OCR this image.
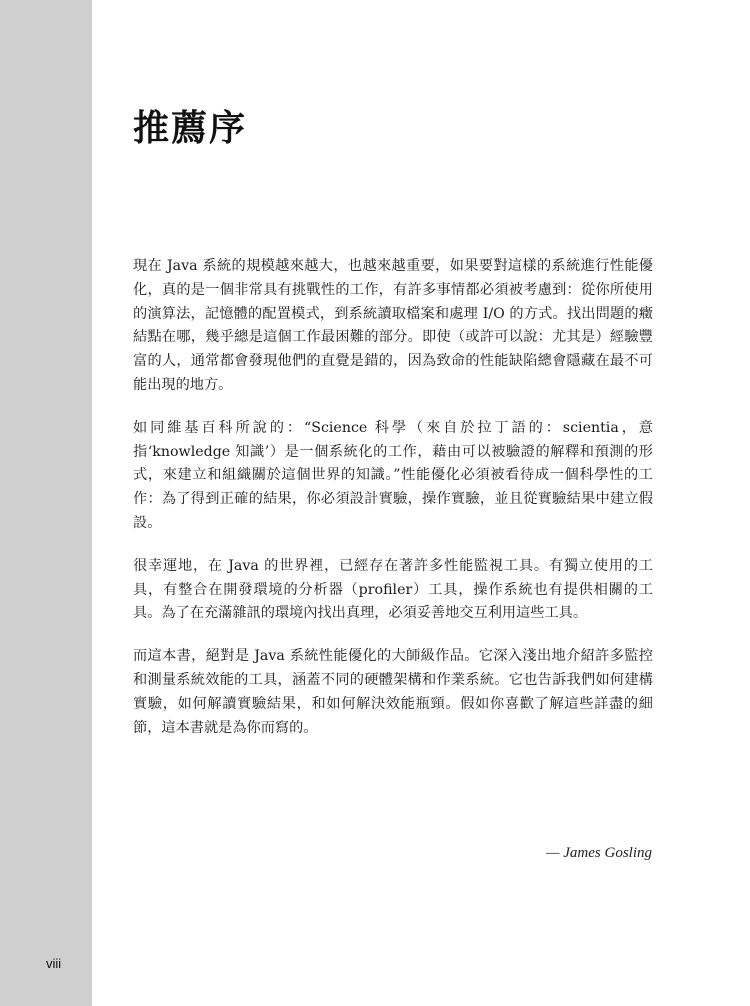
viii
推薦序

現在 Java 系統的規模越來越大，也越來越重要，如果要對這樣的系統進行性能優化，真的是一個非常具有挑戰性的工作，有許多事情都必須被考慮到：從你所使用的演算法，記憶體的配置模式，到系統讀取檔案和處理 I/O 的方式。找出問題的癥結點在哪，幾乎總是這個工作最困難的部分。即使（或許可以說：尤其是）經驗豐富的人，通常都會發現他們的直覺是錯的，因為致命的性能缺陷總會隱藏在最不可能出現的地方。

如同維基百科所說的：“Science 科學（來自於拉丁語的：scientia，意指‘knowledge 知識’）是一個系統化的工作，藉由可以被驗證的解釋和預測的形式，來建立和組織關於這個世界的知識。”性能優化必須被看待成一個科學性的工作：為了得到正確的結果，你必須設計實驗，操作實驗，並且從實驗結果中建立假設。

很幸運地，在 Java 的世界裡，已經存在著許多性能監視工具。有獨立使用的工具，有整合在開發環境的分析器（profiler）工具，操作系統也有提供相關的工具。為了在充滿雜訊的環境內找出真理，必須妥善地交互利用這些工具。

而這本書，絕對是 Java 系統性能優化的大師級作品。它深入淺出地介紹許多監控和測量系統效能的工具，涵蓋不同的硬體架構和作業系統。它也告訴我們如何建構實驗，如何解讀實驗結果，和如何解決效能瓶頸。假如你喜歡了解這些詳盡的細節，這本書就是為你而寫的。

— James Gosling
